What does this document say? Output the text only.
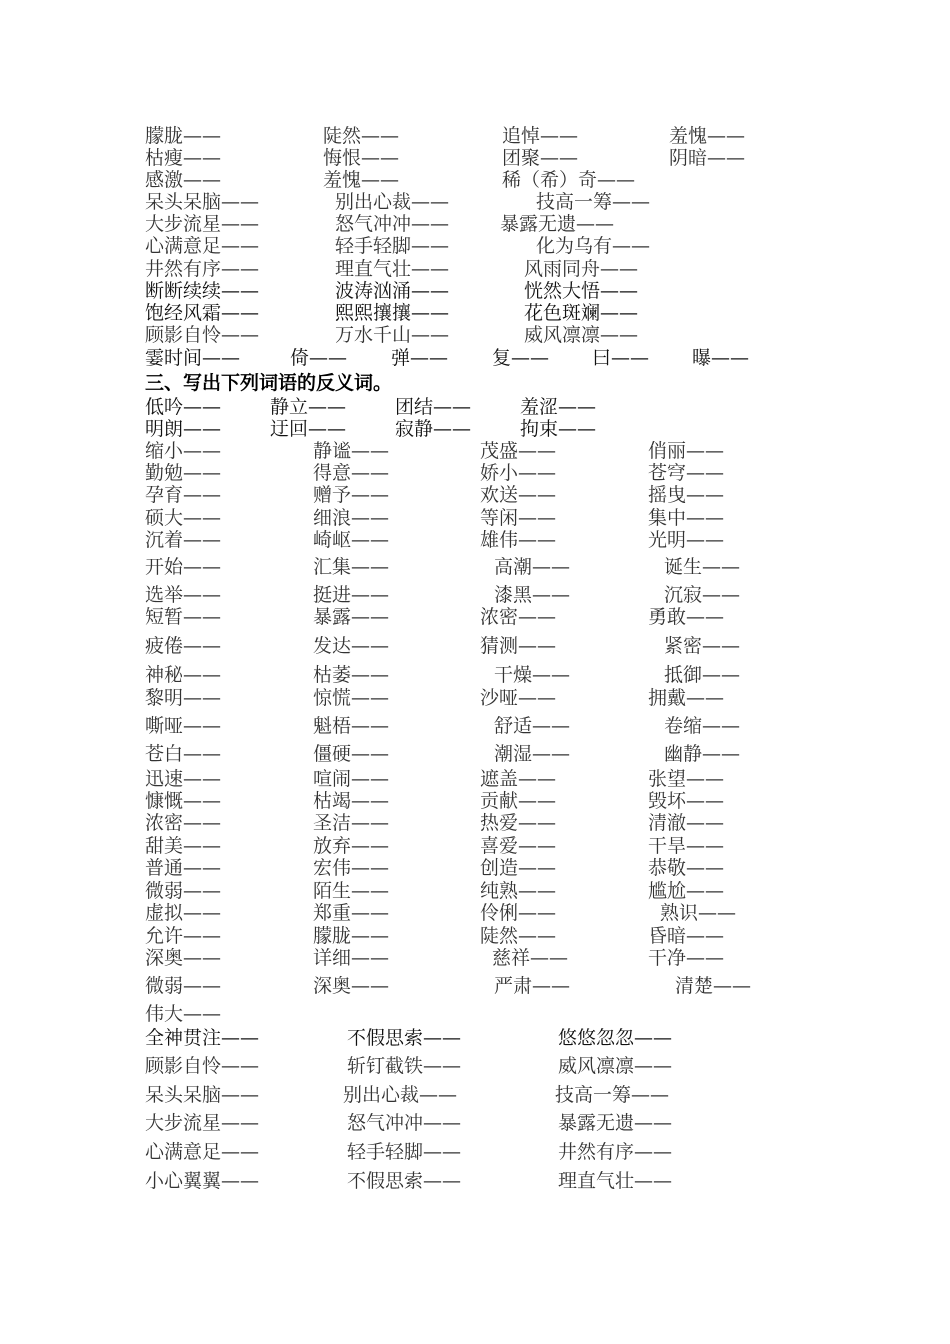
朦胧——	陡然——	追悼——	羞愧——
枯瘦——	悔恨——	团聚——	阴暗——
感激——	羞愧——	稀（希）奇——
呆头呆脑——	别出心裁——	技高一筹——
大步流星——	怒气冲冲——	暴露无遗——
心满意足——	轻手轻脚——	化为乌有——
井然有序——	理直气壮——	风雨同舟——
断断续续——	波涛汹涌——	恍然大悟——
饱经风霜——	熙熙攘攘——	花色斑斓——
顾影自怜——	万水千山——	威风凛凛——
霎时间——	倚—— 弹—— 复—— 曰—— 曝——
三、写出下列词语的反义词。
低吟——	静立——	团结——	羞涩——
明朗——	迂回——	寂静——	拘束——
缩小——	静谧——	茂盛——	俏丽——
勤勉——	得意——	娇小——	苍穹——
孕育——	赠予——	欢送——	摇曳——
硕大——	细浪——	等闲——	集中——
沉着——	崎岖——	雄伟——	光明——
开始——	汇集——	高潮——	诞生——
选举——	挺进——	漆黑——	沉寂——
短暂——	暴露——	浓密——	勇敢——
疲倦——	发达——	猜测——	紧密——
神秘——	枯萎——	干燥——	抵御——
黎明——	惊慌——	沙哑——	拥戴——
嘶哑——	魁梧——	舒适——	卷缩——
苍白——	僵硬——	潮湿——	幽静——
迅速——	喧闹——	遮盖——	张望——
慷慨——	枯竭——	贡献——	毁坏——
浓密——	圣洁——	热爱——	清澈——
甜美——	放弃——	喜爱——	干旱——
普通——	宏伟——	创造——	恭敬——
微弱——	陌生——	纯熟——	尴尬——
虚拟——	郑重——	伶俐——	熟识——
允许——	朦胧——	陡然——	昏暗——
深奥——	详细——	慈祥——	干净——
微弱——	深奥——	严肃——	清楚——
伟大——
全神贯注——	不假思索——	悠悠忽忽——
顾影自怜——	斩钉截铁——	威风凛凛——
呆头呆脑——	别出心裁——	技高一筹——
大步流星——	怒气冲冲——	暴露无遗——
心满意足——	轻手轻脚——	井然有序——
小心翼翼——	不假思索——	理直气壮——
